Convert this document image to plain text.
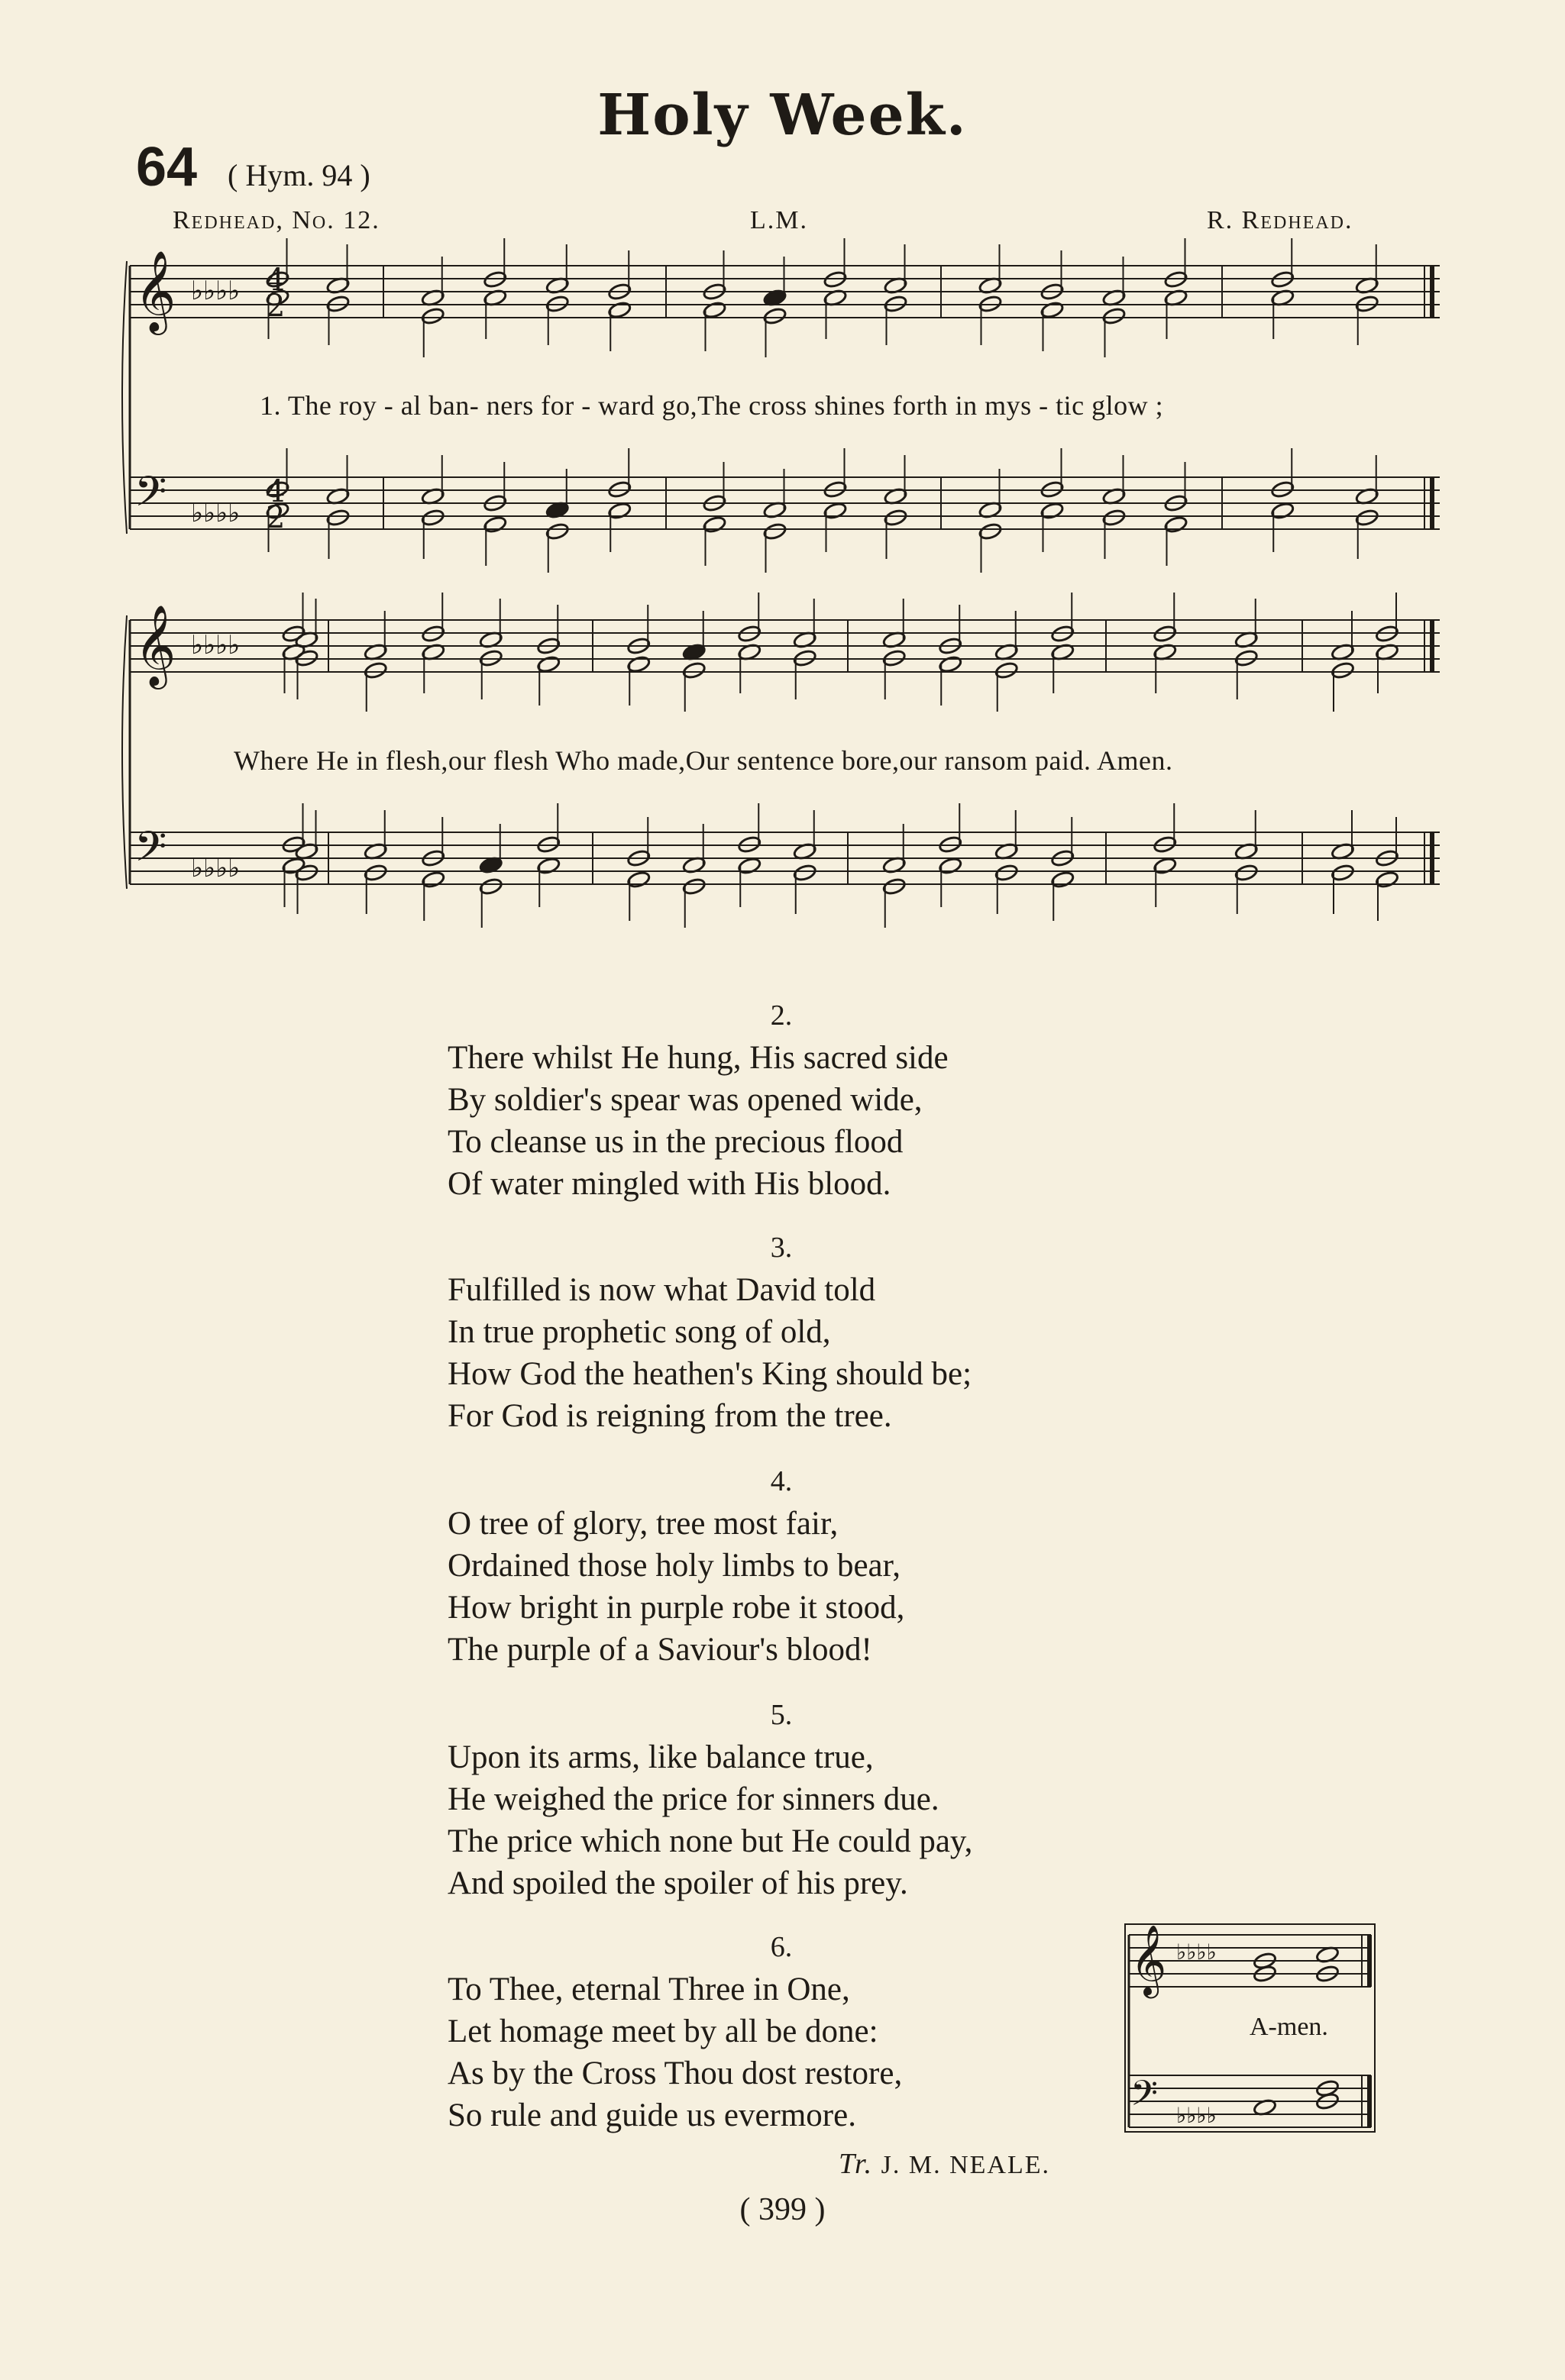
Holy Week.
64 ( Hym. 94 )
Redhead, No. 12.	L.M.	R. Redhead.
𝄞
𝄢
♭♭♭♭
♭♭♭♭
4
2
4
2
𝄞
𝄢
♭♭♭♭
♭♭♭♭
𝄞
𝄢
♭♭♭♭
♭♭♭♭
1. The roy - al ban- ners for - ward go,The cross shines forth in mys - tic glow ;
Where He in flesh,our flesh Who made,Our sentence bore,our ransom paid. Amen.
2.
There whilst He hung, His sacred side
By soldier's spear was opened wide,
To cleanse us in the precious flood
Of water mingled with His blood.
3.
Fulfilled is now what David told
In true prophetic song of old,
How God the heathen's King should be;
For God is reigning from the tree.
4.
O tree of glory, tree most fair,
Ordained those holy limbs to bear,
How bright in purple robe it stood,
The purple of a Saviour's blood!
5.
Upon its arms, like balance true,
He weighed the price for sinners due.
The price which none but He could pay,
And spoiled the spoiler of his prey.
6.
To Thee, eternal Three in One,
Let homage meet by all be done:
As by the Cross Thou dost restore,
So rule and guide us evermore.
A-men.
Tr. J. M. NEALE.
( 399 )
